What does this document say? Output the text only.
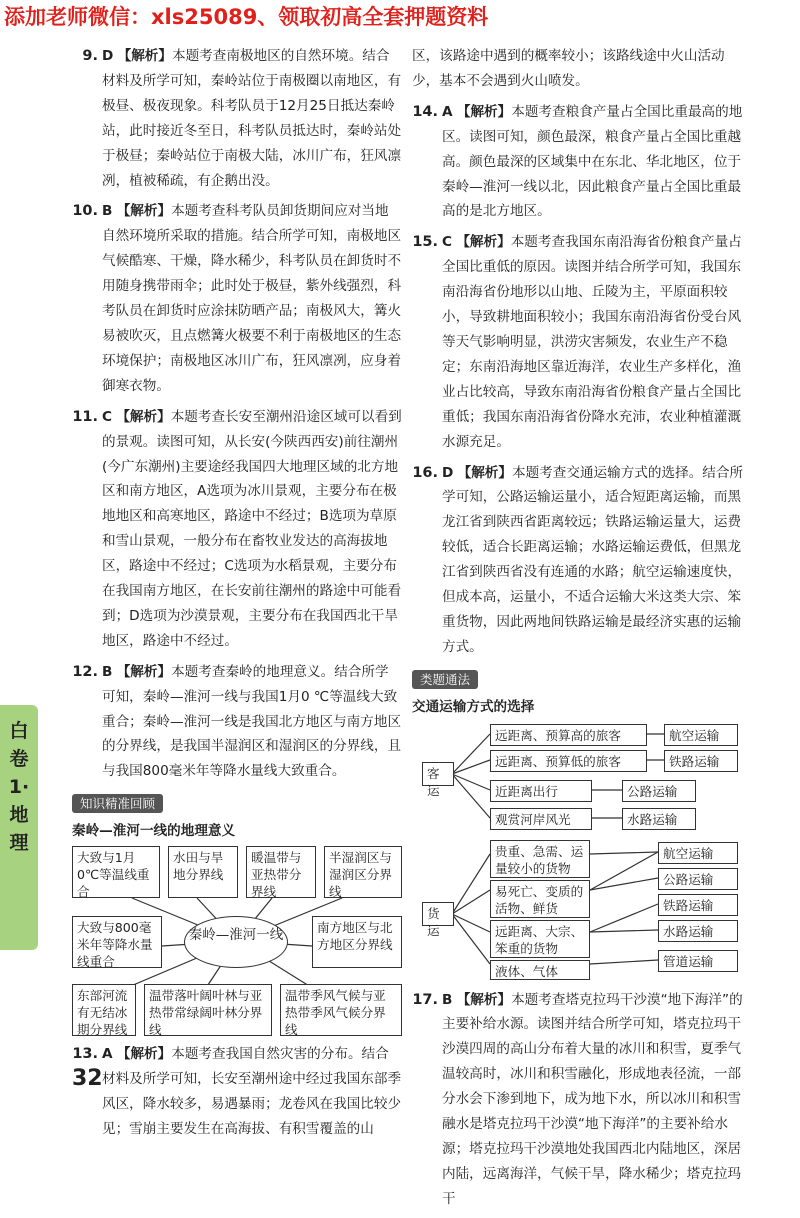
添加老师微信：xls25089、领取初高全套押题资料
白卷1·地理
32
9. D 【解析】本题考查南极地区的自然环境。结合材料及所学可知，秦岭站位于南极圈以南地区，有极昼、极夜现象。科考队员于12月25日抵达秦岭站，此时接近冬至日，科考队员抵达时，秦岭站处于极昼；秦岭站位于南极大陆，冰川广布，狂风凛冽，植被稀疏，有企鹅出没。
10. B 【解析】本题考查科考队员卸货期间应对当地自然环境所采取的措施。结合所学可知，南极地区气候酷寒、干燥，降水稀少，科考队员在卸货时不用随身携带雨伞；此时处于极昼，紫外线强烈，科考队员在卸货时应涂抹防晒产品；南极风大，篝火易被吹灭，且点燃篝火极要不利于南极地区的生态环境保护；南极地区冰川广布，狂风凛冽，应身着御寒衣物。
11. C 【解析】本题考查长安至潮州沿途区域可以看到的景观。读图可知，从长安(今陕西西安)前往潮州(今广东潮州)主要途经我国四大地理区域的北方地区和南方地区，A选项为冰川景观，主要分布在极地地区和高寒地区，路途中不经过；B选项为草原和雪山景观，一般分布在畜牧业发达的高海拔地区，路途中不经过；C选项为水稻景观，主要分布在我国南方地区，在长安前往潮州的路途中可能看到；D选项为沙漠景观，主要分布在我国西北干旱地区，路途中不经过。
12. B 【解析】本题考查秦岭的地理意义。结合所学可知，秦岭—淮河一线与我国1月0 ℃等温线大致重合；秦岭—淮河一线是我国北方地区与南方地区的分界线，是我国半湿润区和湿润区的分界线，且与我国800毫米年等降水量线大致重合。
知识精准回顾
秦岭—淮河一线的地理意义
大致与1月0℃等温线重合
水田与旱地分界线
暖温带与亚热带分界线
半湿润区与湿润区分界线
大致与800毫米年等降水量线重合
秦岭—淮河一线	南方地区与北方地区分界线
东部河流有无结冰期分界线
温带落叶阔叶林与亚热带常绿阔叶林分界线
温带季风气候与亚热带季风气候分界线
13. A 【解析】本题考查我国自然灾害的分布。结合材料及所学可知，长安至潮州途中经过我国东部季风区，降水较多，易遇暴雨；龙卷风在我国比较少见；雪崩主要发生在高海拔、有积雪覆盖的山
区，该路途中遇到的概率较小；该路线途中火山活动少，基本不会遇到火山喷发。
14. A 【解析】本题考查粮食产量占全国比重最高的地区。读图可知，颜色最深，粮食产量占全国比重越高。颜色最深的区域集中在东北、华北地区，位于秦岭—淮河一线以北，因此粮食产量占全国比重最高的是北方地区。
15. C 【解析】本题考查我国东南沿海省份粮食产量占全国比重低的原因。读图并结合所学可知，我国东南沿海省份地形以山地、丘陵为主，平原面积较小，导致耕地面积较小；我国东南沿海省份受台风等天气影响明显，洪涝灾害频发，农业生产不稳定；东南沿海地区靠近海洋，农业生产多样化，渔业占比较高，导致东南沿海省份粮食产量占全国比重低；我国东南沿海省份降水充沛，农业种植灌溉水源充足。
16. D 【解析】本题考查交通运输方式的选择。结合所学可知，公路运输运量小，适合短距离运输，而黑龙江省到陕西省距离较远；铁路运输运量大，运费较低，适合长距离运输；水路运输运费低，但黑龙江省到陕西省没有连通的水路；航空运输速度快，但成本高，运量小，不适合运输大米这类大宗、笨重货物，因此两地间铁路运输是最经济实惠的运输方式。
类题通法
交通运输方式的选择
客运
远距离、预算高的旅客
远距离、预算低的旅客
近距离出行
观赏河岸风光
航空运输
铁路运输
公路运输
水路运输
货运
贵重、急需、运量较小的货物
易死亡、变质的活物、鲜货
远距离、大宗、笨重的货物
液体、气体
航空运输
公路运输
铁路运输
水路运输
管道运输
17. B 【解析】本题考查塔克拉玛干沙漠“地下海洋”的主要补给水源。读图并结合所学可知，塔克拉玛干沙漠四周的高山分布着大量的冰川和积雪，夏季气温较高时，冰川和积雪融化，形成地表径流，一部分水会下渗到地下，成为地下水，所以冰川和积雪融水是塔克拉玛干沙漠“地下海洋”的主要补给水源；塔克拉玛干沙漠地处我国西北内陆地区，深居内陆，远离海洋，气候干旱，降水稀少；塔克拉玛干
